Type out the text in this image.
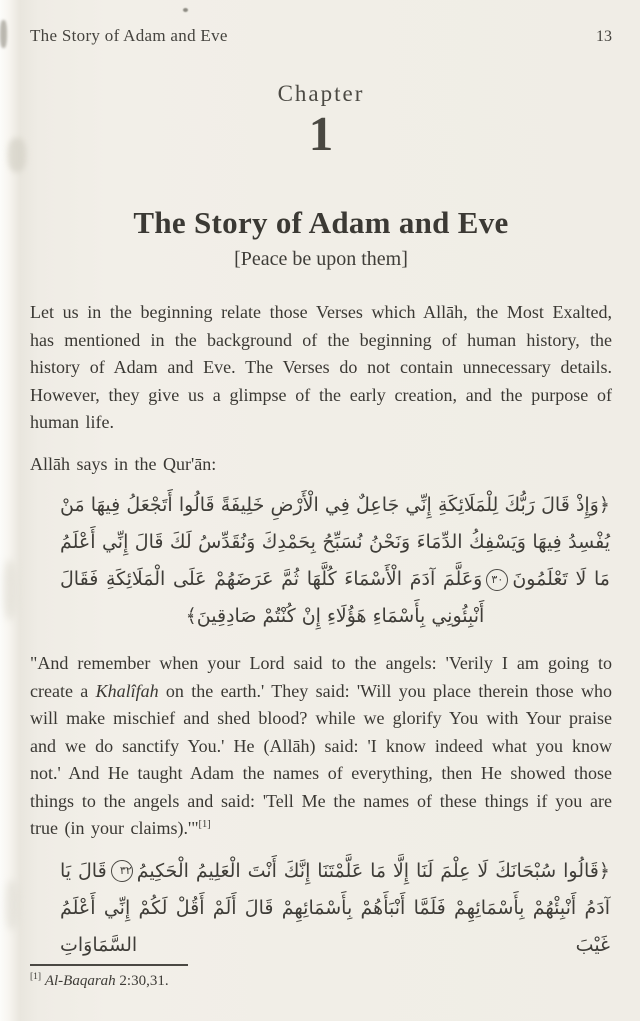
The Story of Adam and Eve	13
Chapter
1
The Story of Adam and Eve
[Peace be upon them]

Let us in the beginning relate those Verses which Allāh, the Most Exalted, has mentioned in the background of the beginning of human history, the history of Adam and Eve. The Verses do not contain unnecessary details. However, they give us a glimpse of the early creation, and the purpose of human life.

Allāh says in the Qur'ān:

﴿وَإِذْ قَالَ رَبُّكَ لِلْمَلَائِكَةِ إِنِّي جَاعِلٌ فِي الْأَرْضِ خَلِيفَةً قَالُوا أَتَجْعَلُ فِيهَا مَنْ يُفْسِدُ فِيهَا وَيَسْفِكُ الدِّمَاءَ وَنَحْنُ نُسَبِّحُ بِحَمْدِكَ وَنُقَدِّسُ لَكَ قَالَ إِنِّي أَعْلَمُ مَا لَا تَعْلَمُونَ٣٠وَعَلَّمَ آدَمَ الْأَسْمَاءَ كُلَّهَا ثُمَّ عَرَضَهُمْ عَلَى الْمَلَائِكَةِ فَقَالَ أَنْبِئُونِي بِأَسْمَاءِ هَؤُلَاءِ إِنْ كُنْتُمْ صَادِقِينَ﴾

"And remember when your Lord said to the angels: 'Verily I am going to create a Khalîfah on the earth.' They said: 'Will you place therein those who will make mischief and shed blood? while we glorify You with Your praise and we do sanctify You.' He (Allāh) said: 'I know indeed what you know not.' And He taught Adam the names of everything, then He showed those things to the angels and said: 'Tell Me the names of these things if you are true (in your claims).'"[1]

﴿قَالُوا سُبْحَانَكَ لَا عِلْمَ لَنَا إِلَّا مَا عَلَّمْتَنَا إِنَّكَ أَنْتَ الْعَلِيمُ الْحَكِيمُ٣٢قَالَ يَا آدَمُ أَنْبِئْهُمْ بِأَسْمَائِهِمْ فَلَمَّا أَنْبَأَهُمْ بِأَسْمَائِهِمْ قَالَ أَلَمْ أَقُلْ لَكُمْ إِنِّي أَعْلَمُ غَيْبَ السَّمَاوَاتِ

[1] Al-Baqarah 2:30,31.
